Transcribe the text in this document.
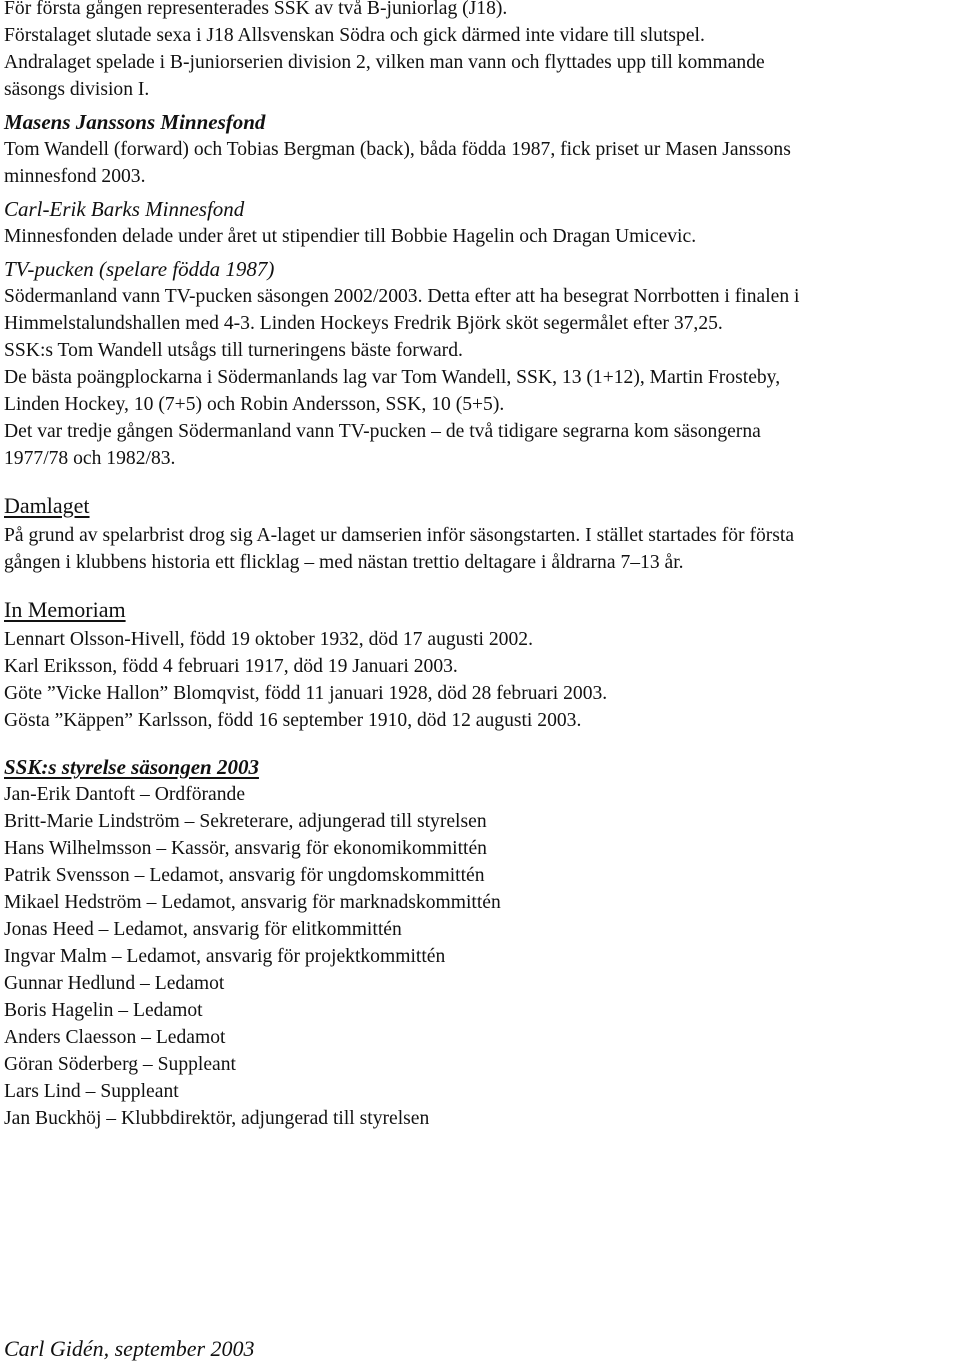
För första gången representerades SSK av två B-juniorlag (J18).
Förstalaget slutade sexa i J18 Allsvenskan Södra och gick därmed inte vidare till slutspel.
Andralaget spelade i B-juniorserien division 2, vilken man vann och flyttades upp till kommande
säsongs division I.
Masens Janssons Minnesfond
Tom Wandell (forward) och Tobias Bergman (back), båda födda 1987, fick priset ur Masen Janssons
minnesfond 2003.
Carl-Erik Barks Minnesfond
Minnesfonden delade under året ut stipendier till Bobbie Hagelin och Dragan Umicevic.
TV-pucken (spelare födda 1987)
Södermanland vann TV-pucken säsongen 2002/2003. Detta efter att ha besegrat Norrbotten i finalen i
Himmelstalundshallen med 4-3. Linden Hockeys Fredrik Björk sköt segermålet efter 37,25.
SSK:s Tom Wandell utsågs till turneringens bäste forward.
De bästa poängplockarna i Södermanlands lag var Tom Wandell, SSK, 13 (1+12), Martin Frosteby,
Linden Hockey, 10 (7+5) och Robin Andersson, SSK, 10 (5+5).
Det var tredje gången Södermanland vann TV-pucken – de två tidigare segrarna kom säsongerna
1977/78 och 1982/83.
Damlaget
På grund av spelarbrist drog sig A-laget ur damserien inför säsongstarten. I stället startades för första
gången i klubbens historia ett flicklag – med nästan trettio deltagare i åldrarna 7–13 år.
In Memoriam
Lennart Olsson-Hivell, född 19 oktober 1932, död 17 augusti 2002.
Karl Eriksson, född 4 februari 1917, död 19 Januari 2003.
Göte ”Vicke Hallon” Blomqvist, född 11 januari 1928, död 28 februari 2003.
Gösta ”Käppen” Karlsson, född 16 september 1910, död 12 augusti 2003.
SSK:s styrelse säsongen 2003
Jan-Erik Dantoft – Ordförande
Britt-Marie Lindström – Sekreterare, adjungerad till styrelsen
Hans Wilhelmsson – Kassör, ansvarig för ekonomikommittén
Patrik Svensson – Ledamot, ansvarig för ungdomskommittén
Mikael Hedström – Ledamot, ansvarig för marknadskommittén
Jonas Heed – Ledamot, ansvarig för elitkommittén
Ingvar Malm – Ledamot, ansvarig för projektkommittén
Gunnar Hedlund – Ledamot
Boris Hagelin – Ledamot
Anders Claesson – Ledamot
Göran Söderberg – Suppleant
Lars Lind – Suppleant
Jan Buckhöj – Klubbdirektör, adjungerad till styrelsen
Carl Gidén, september 2003
